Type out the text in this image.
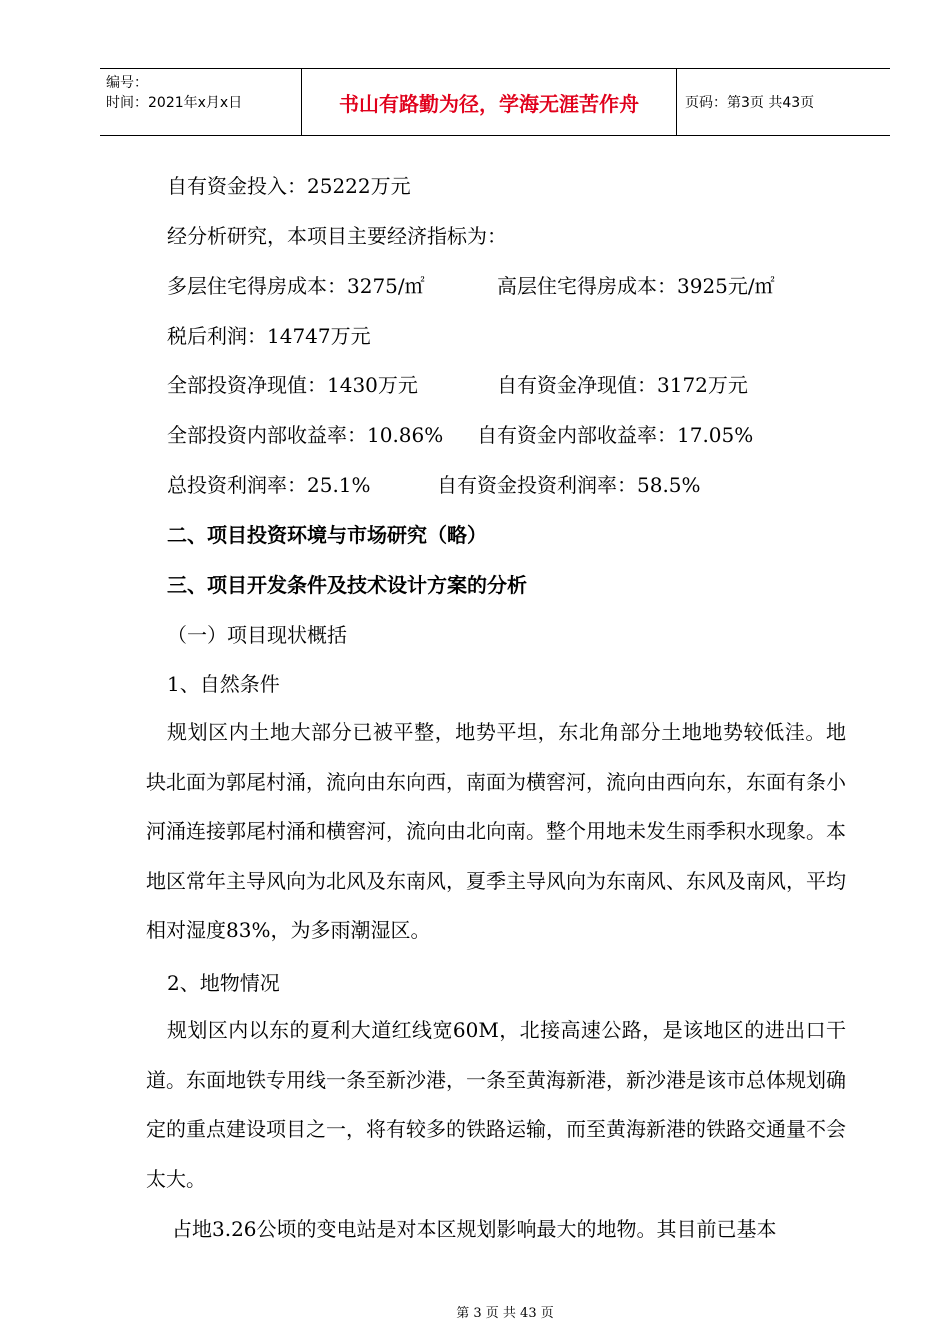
编号：
时间：2021年x月x日	书山有路勤为径，学海无涯苦作舟	页码：第3页 共43页
自有资金投入：25222万元
经分析研究，本项目主要经济指标为：
多层住宅得房成本：3275/㎡	高层住宅得房成本：3925元/㎡
税后利润：14747万元
全部投资净现值：1430万元	自有资金净现值：3172万元
全部投资内部收益率：10.86% 自有资金内部收益率：17.05%
总投资利润率：25.1%	自有资金投资利润率：58.5%
二、项目投资环境与市场研究（略）
三、项目开发条件及技术设计方案的分析
（一）项目现状概括
1、自然条件
规划区内土地大部分已被平整，地势平坦，东北角部分土地地势较低洼。地块北面为郭尾村涌，流向由东向西，南面为横窖河，流向由西向东，东面有条小河涌连接郭尾村涌和横窖河，流向由北向南。整个用地未发生雨季积水现象。本地区常年主导风向为北风及东南风，夏季主导风向为东南风、东风及南风，平均相对湿度83%，为多雨潮湿区。
2、地物情况
规划区内以东的夏利大道红线宽60M，北接高速公路，是该地区的进出口干道。东面地铁专用线一条至新沙港，一条至黄海新港，新沙港是该市总体规划确定的重点建设项目之一，将有较多的铁路运输，而至黄海新港的铁路交通量不会太大。
占地3.26公顷的变电站是对本区规划影响最大的地物。其目前已基本
第 3 页 共 43 页
